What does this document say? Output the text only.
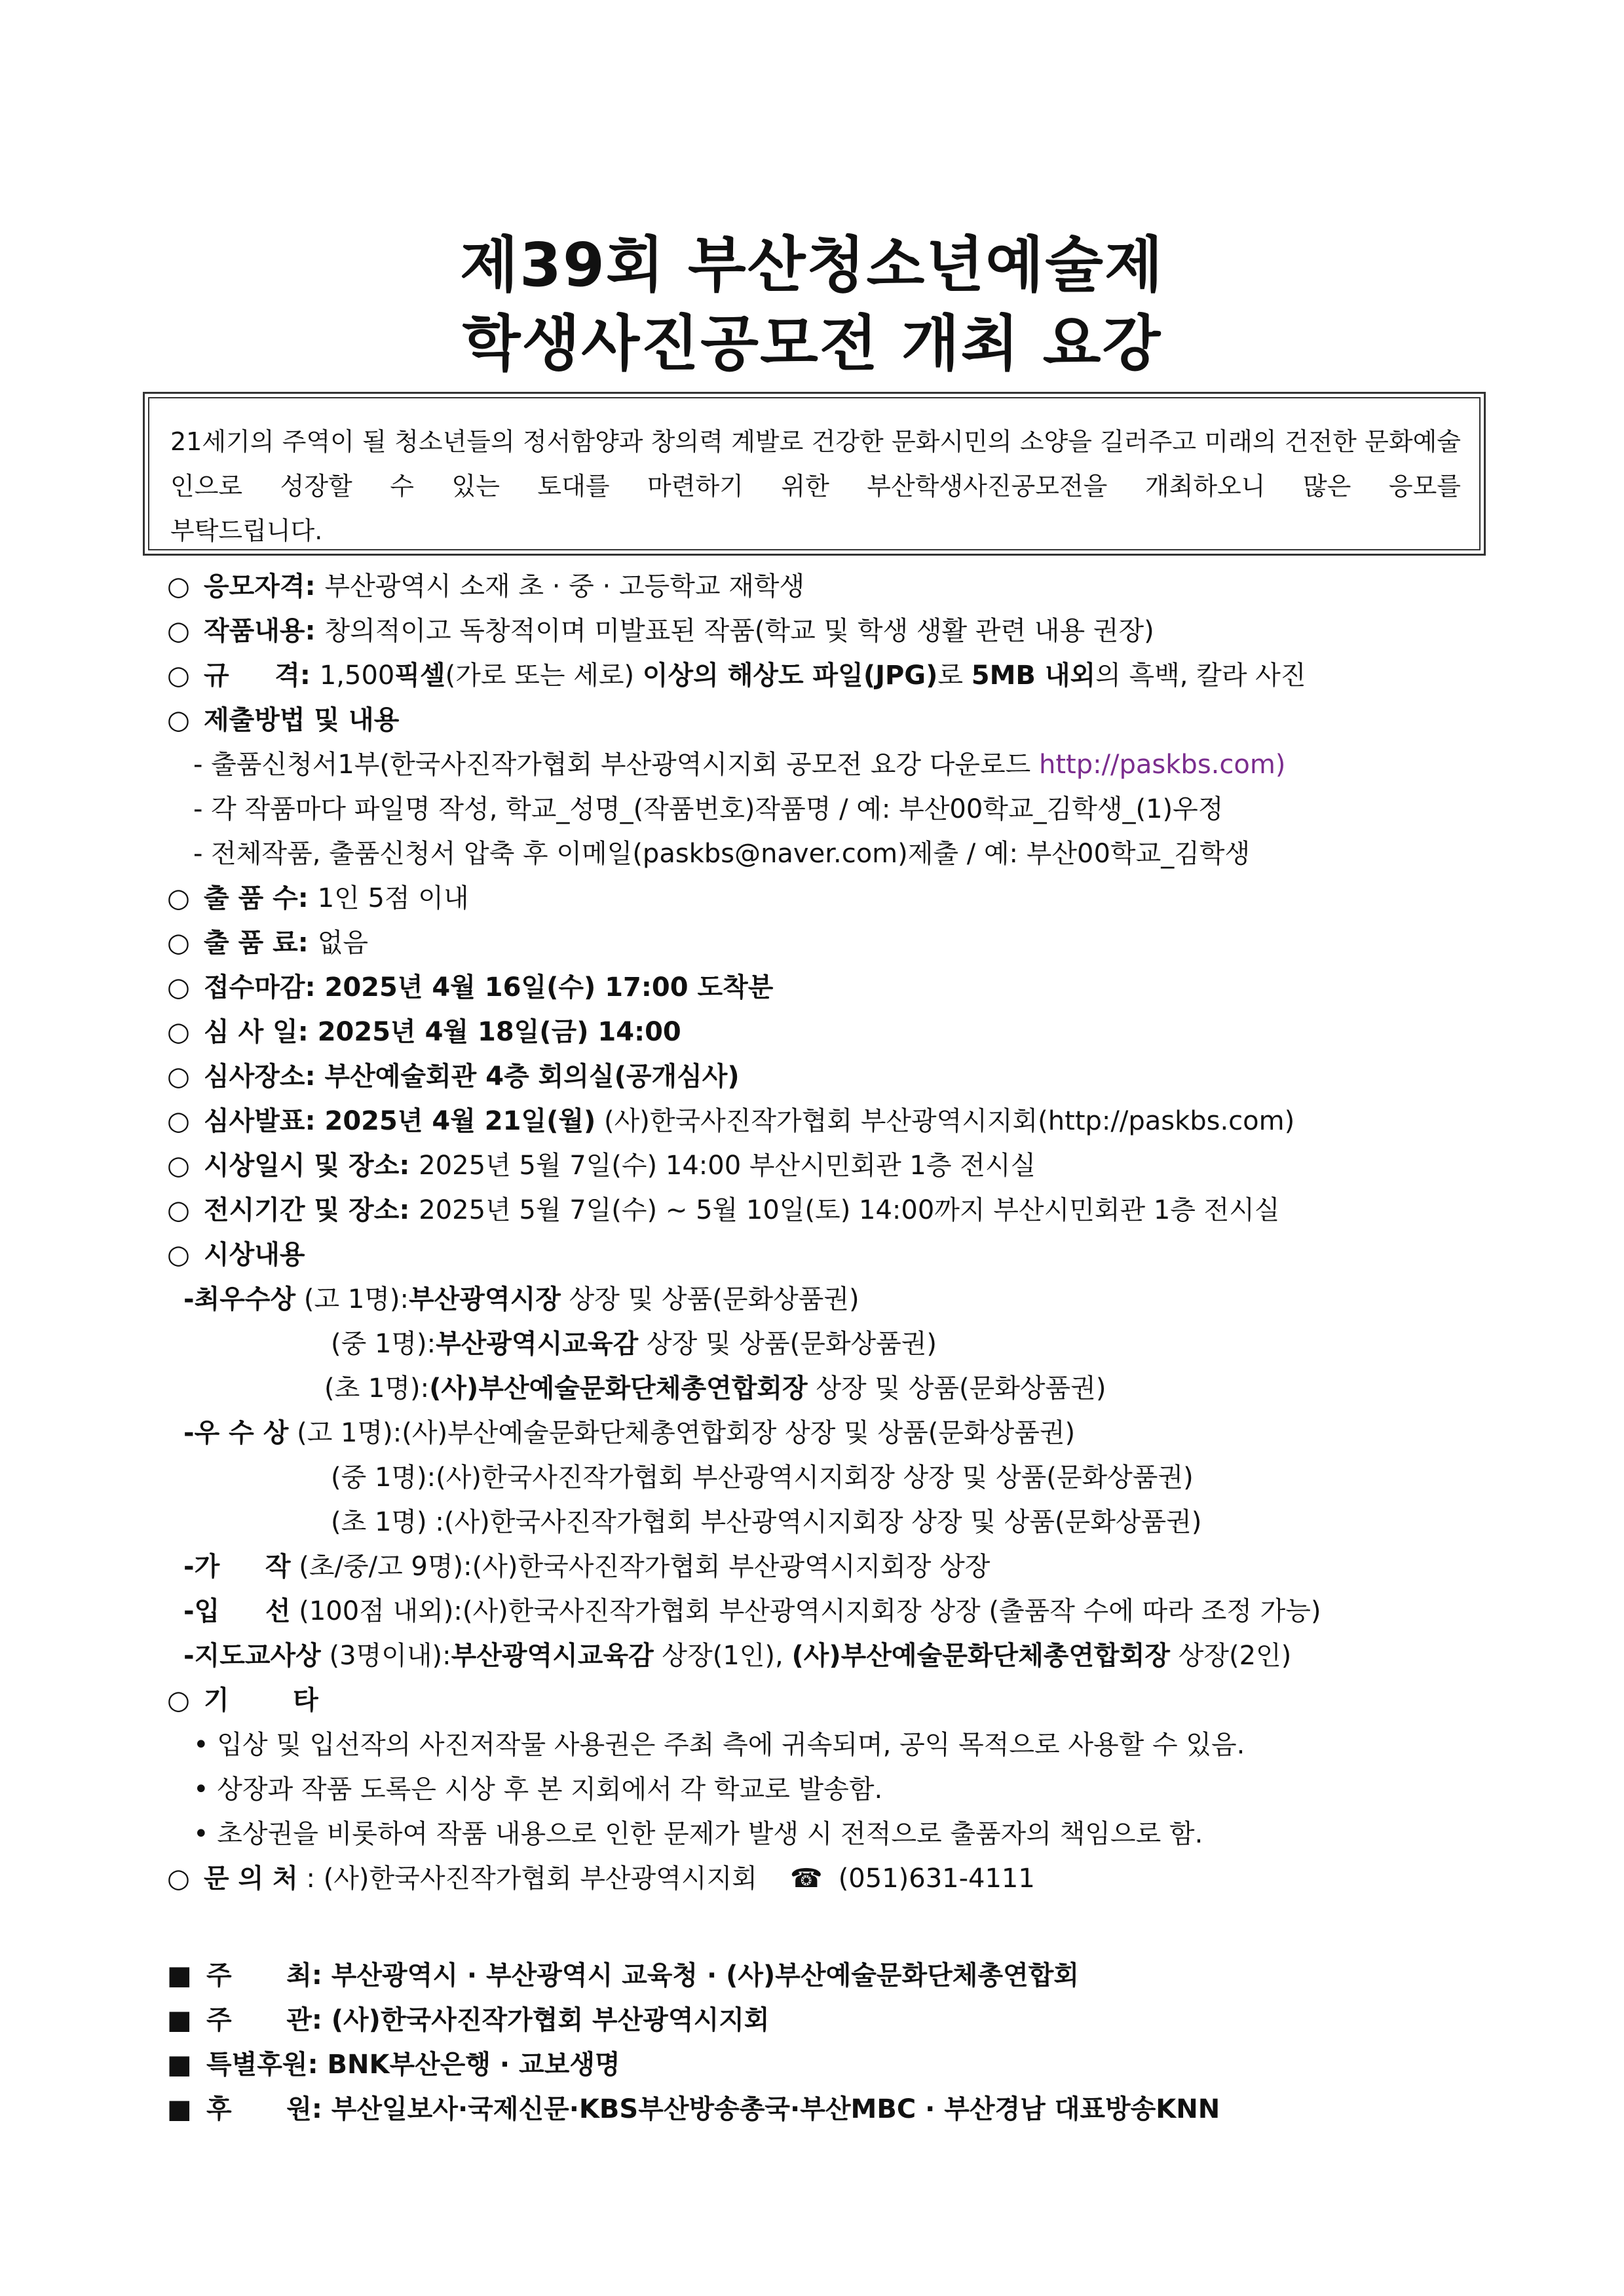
제39회 부산청소년예술제
학생사진공모전 개최 요강
21세기의 주역이 될 청소년들의 정서함양과 창의력 계발로 건강한 문화시민의 소양을 길러주고 미래의 건전한 문화예술인으로 성장할 수 있는 토대를 마련하기 위한 부산학생사진공모전을 개최하오니 많은 응모를
부탁드립니다.
○ 응모자격: 부산광역시 소재 초 · 중 · 고등학교 재학생
○ 작품내용: 창의적이고 독창적이며 미발표된 작품(학교 및 학생 생활 관련 내용 권장)
○ 규     격: 1,500픽셀(가로 또는 세로) 이상의 해상도 파일(JPG)로 5MB 내외의 흑백, 칼라 사진
○ 제출방법 및 내용
- 출품신청서1부(한국사진작가협회 부산광역시지회 공모전 요강 다운로드 http://paskbs.com)
- 각 작품마다 파일명 작성, 학교_성명_(작품번호)작품명 / 예: 부산00학교_김학생_(1)우정
- 전체작품, 출품신청서 압축 후 이메일(paskbs@naver.com)제출 / 예: 부산00학교_김학생
○ 출 품 수: 1인 5점 이내
○ 출 품 료: 없음
○ 접수마감: 2025년 4월 16일(수) 17:00 도착분
○ 심 사 일: 2025년 4월 18일(금) 14:00
○ 심사장소: 부산예술회관 4층 회의실(공개심사)
○ 심사발표: 2025년 4월 21일(월) (사)한국사진작가협회 부산광역시지회(http://paskbs.com)
○ 시상일시 및 장소: 2025년 5월 7일(수) 14:00 부산시민회관 1층 전시실
○ 전시기간 및 장소: 2025년 5월 7일(수) ~ 5월 10일(토) 14:00까지 부산시민회관 1층 전시실
○ 시상내용
-최우수상 (고 1명):부산광역시장 상장 및 상품(문화상품권)
(중 1명):부산광역시교육감 상장 및 상품(문화상품권)
(초 1명):(사)부산예술문화단체총연합회장 상장 및 상품(문화상품권)
-우 수 상 (고 1명):(사)부산예술문화단체총연합회장 상장 및 상품(문화상품권)
(중 1명):(사)한국사진작가협회 부산광역시지회장 상장 및 상품(문화상품권)
(초 1명) :(사)한국사진작가협회 부산광역시지회장 상장 및 상품(문화상품권)
-가     작 (초/중/고 9명):(사)한국사진작가협회 부산광역시지회장 상장
-입     선 (100점 내외):(사)한국사진작가협회 부산광역시지회장 상장 (출품작 수에 따라 조정 가능)
-지도교사상 (3명이내):부산광역시교육감 상장(1인), (사)부산예술문화단체총연합회장 상장(2인)
○ 기       타
• 입상 및 입선작의 사진저작물 사용권은 주최 측에 귀속되며, 공익 목적으로 사용할 수 있음.
• 상장과 작품 도록은 시상 후 본 지회에서 각 학교로 발송함.
• 초상권을 비롯하여 작품 내용으로 인한 문제가 발생 시 전적으로 출품자의 책임으로 함.
○ 문 의 처 : (사)한국사진작가협회 부산광역시지회 ☎ (051)631-4111
■ 주      최: 부산광역시 · 부산광역시 교육청 · (사)부산예술문화단체총연합회
■ 주      관: (사)한국사진작가협회 부산광역시지회
■ 특별후원: BNK부산은행 · 교보생명
■ 후      원: 부산일보사·국제신문·KBS부산방송총국·부산MBC · 부산경남 대표방송KNN
